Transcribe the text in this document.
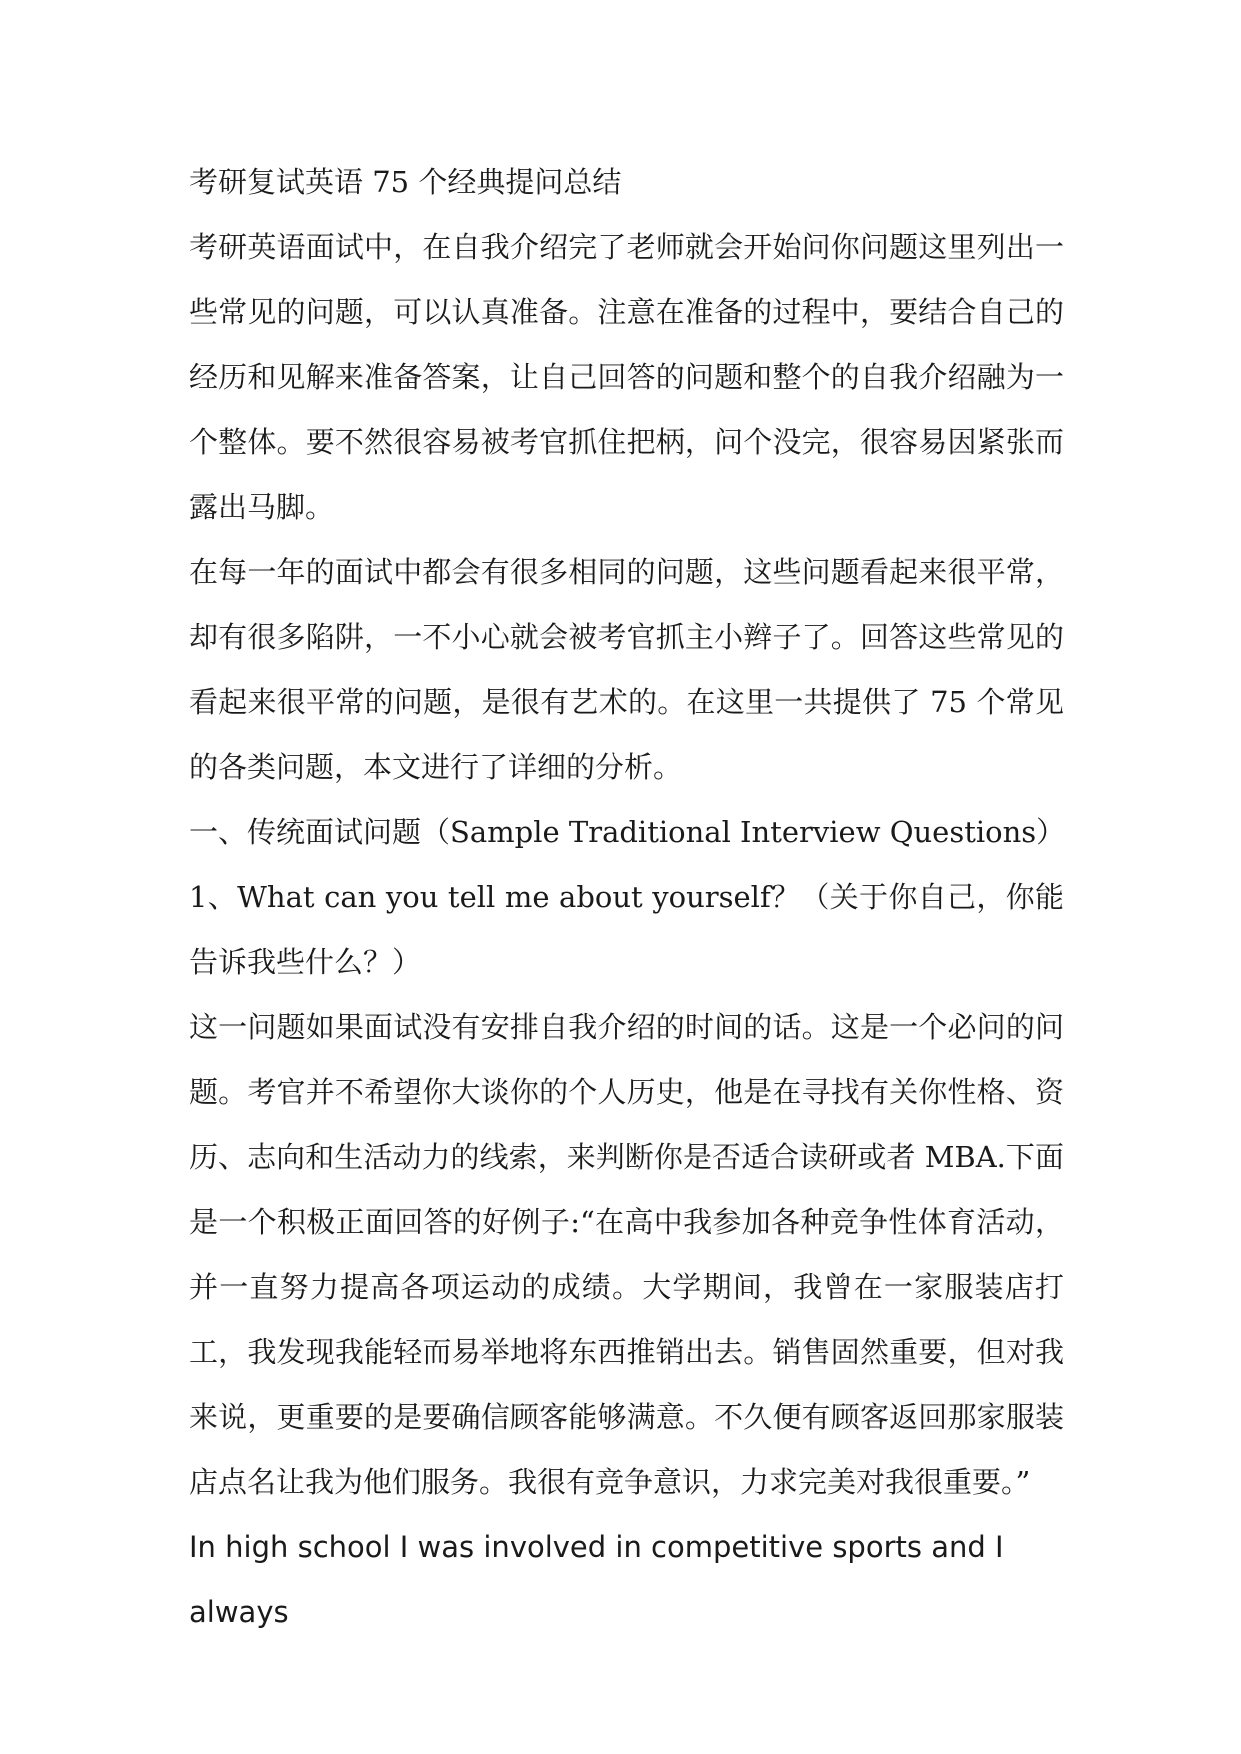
考研复试英语 75 个经典提问总结

考研英语面试中，在自我介绍完了老师就会开始问你问题这里列出一些常见的问题，可以认真准备。注意在准备的过程中，要结合自己的经历和见解来准备答案，让自己回答的问题和整个的自我介绍融为一个整体。要不然很容易被考官抓住把柄，问个没完，很容易因紧张而露出马脚。

在每一年的面试中都会有很多相同的问题，这些问题看起来很平常，却有很多陷阱，一不小心就会被考官抓主小辫子了。回答这些常见的看起来很平常的问题，是很有艺术的。在这里一共提供了 75 个常见的各类问题，本文进行了详细的分析。

一、传统面试问题（Sample Traditional Interview Questions）

1、What can you tell me about yourself？（关于你自己，你能告诉我些什么？）

这一问题如果面试没有安排自我介绍的时间的话。这是一个必问的问题。考官并不希望你大谈你的个人历史，他是在寻找有关你性格、资历、志向和生活动力的线索，来判断你是否适合读研或者 MBA.下面是一个积极正面回答的好例子:“在高中我参加各种竞争性体育活动，并一直努力提高各项运动的成绩。大学期间，我曾在一家服装店打工，我发现我能轻而易举地将东西推销出去。销售固然重要，但对我来说，更重要的是要确信顾客能够满意。不久便有顾客返回那家服装店点名让我为他们服务。我很有竞争意识，力求完美对我很重要。”

In high school I was involved in competitive sports and I always
